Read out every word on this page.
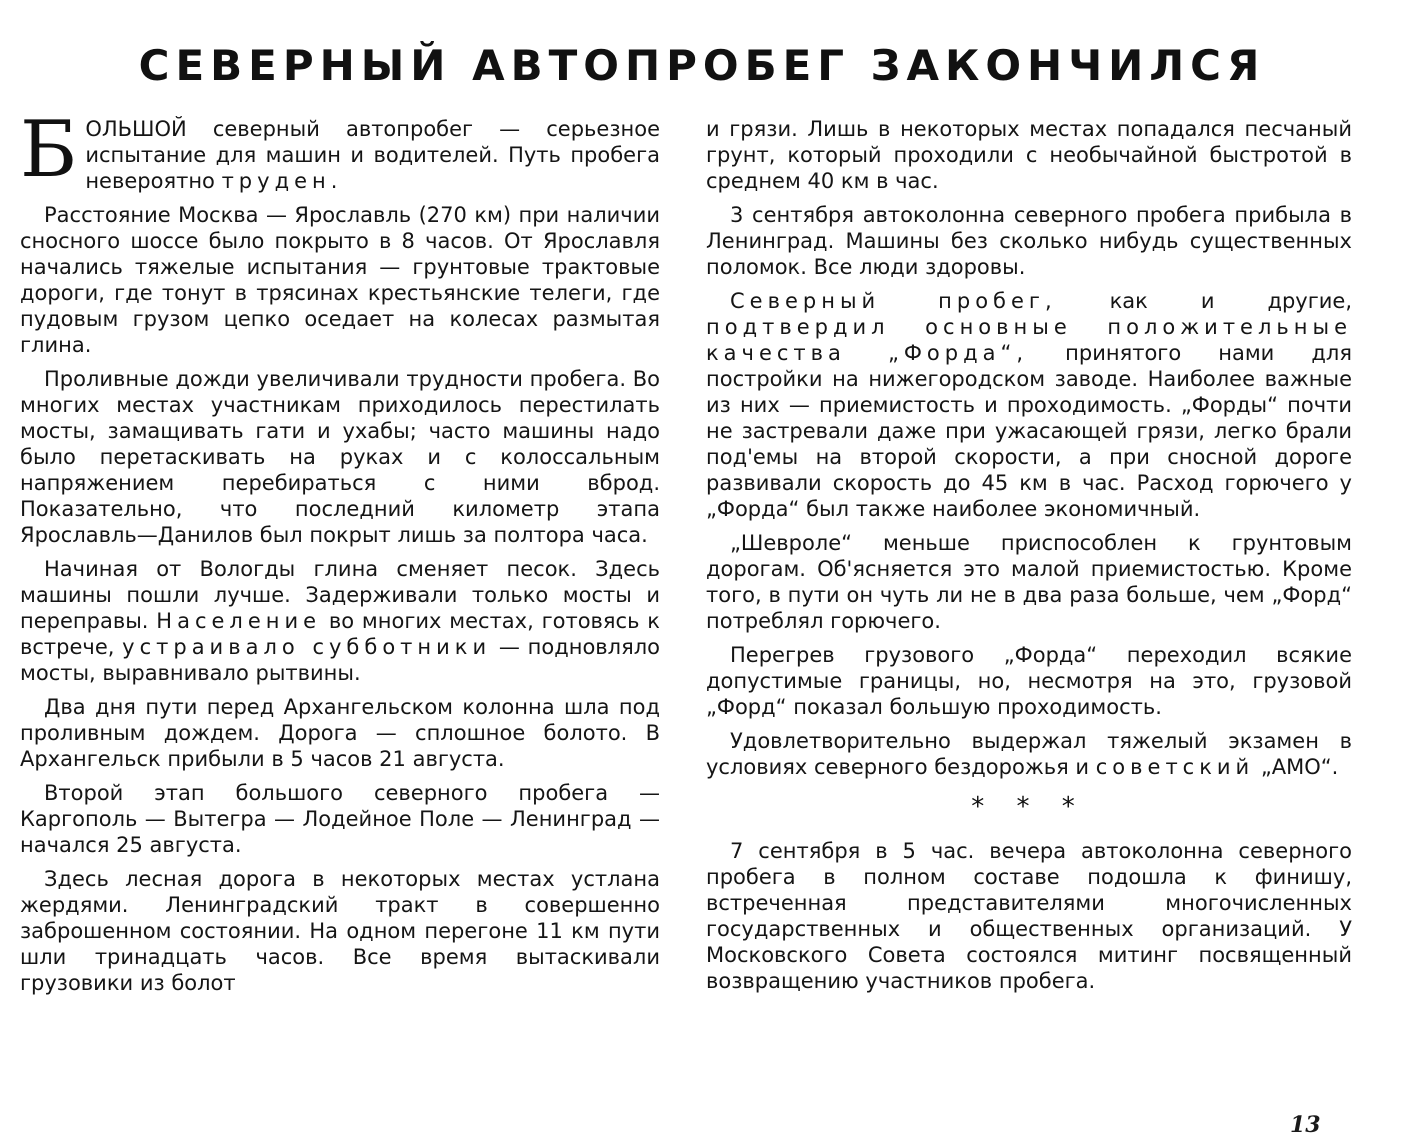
СЕВЕРНЫЙ АВТОПРОБЕГ ЗАКОНЧИЛСЯ

БОЛЬШОЙ северный автопробег — серьезное испытание для машин и водителей. Путь пробега невероятно труден.

Расстояние Москва — Ярославль (270 км) при наличии сносного шоссе было покрыто в 8 часов. От Ярославля начались тяжелые испытания — грунтовые трактовые дороги, где тонут в трясинах крестьянские телеги, где пудовым грузом цепко оседает на колесах размытая глина.

Проливные дожди увеличивали трудности пробега. Во многих местах участникам приходилось перестилать мосты, замащивать гати и ухабы; часто машины надо было перетаскивать на руках и с колоссальным напряжением перебираться с ними вброд. Показательно, что последний километр этапа Ярославль—Данилов был покрыт лишь за полтора часа.

Начиная от Вологды глина сменяет песок. Здесь машины пошли лучше. Задерживали только мосты и переправы. Население во многих местах, готовясь к встрече, устраивало субботники — подновляло мосты, выравнивало рытвины.

Два дня пути перед Архангельском колонна шла под проливным дождем. Дорога — сплошное болото. В Архангельск прибыли в 5 часов 21 августа.

Второй этап большого северного пробега — Каргополь — Вытегра — Лодейное Поле — Ленинград — начался 25 августа.

Здесь лесная дорога в некоторых местах устлана жердями. Ленинградский тракт в совершенно заброшенном состоянии. На одном перегоне 11 км пути шли тринадцать часов. Все время вытаскивали грузовики из болот

и грязи. Лишь в некоторых местах попадался песчаный грунт, который проходили с необычайной быстротой в среднем 40 км в час.

3 сентября автоколонна северного пробега прибыла в Ленинград. Машины без сколько нибудь существенных поломок. Все люди здоровы.

Северный пробег, как и другие, подтвердил основные положительные качества „Форда“, принятого нами для постройки на нижегородском заводе. Наиболее важные из них — приемистость и проходимость. „Форды“ почти не застревали даже при ужасающей грязи, легко брали под'емы на второй скорости, а при сносной дороге развивали скорость до 45 км в час. Расход горючего у „Форда“ был также наиболее экономичный.

„Шевроле“ меньше приспособлен к грунтовым дорогам. Об'ясняется это малой приемистостью. Кроме того, в пути он чуть ли не в два раза больше, чем „Форд“ потреблял горючего.

Перегрев грузового „Форда“ переходил всякие допустимые границы, но, несмотря на это, грузовой „Форд“ показал большую проходимость.

Удовлетворительно выдержал тяжелый экзамен в условиях северного бездорожья и советский „АМО“.

* * *

7 сентября в 5 час. вечера автоколонна северного пробега в полном составе подошла к финишу, встреченная представителями многочисленных государственных и общественных организаций. У Московского Совета состоялся митинг посвященный возвращению участников пробега.

13
